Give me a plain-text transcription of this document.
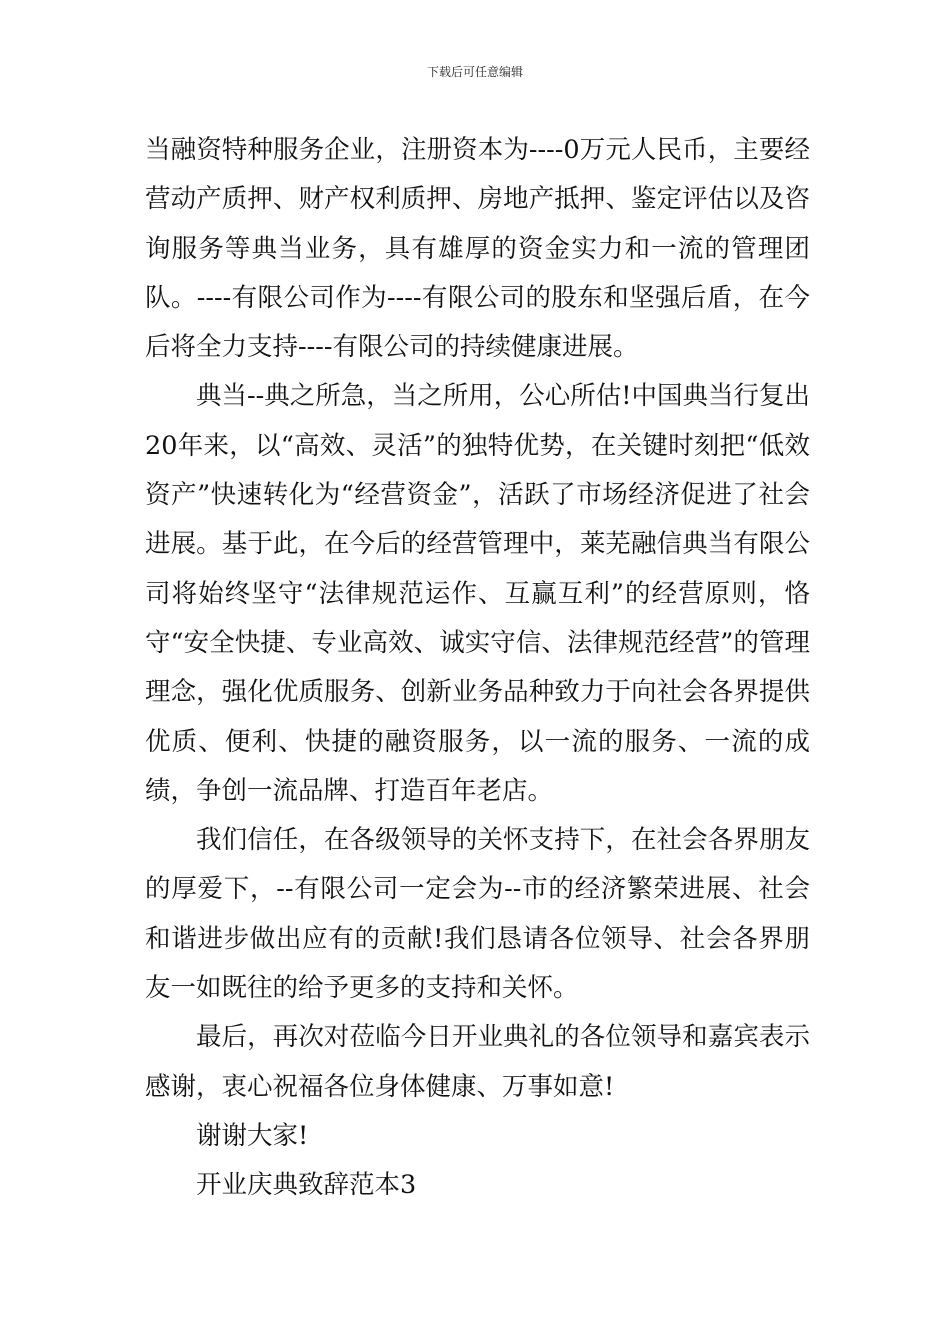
下载后可任意编辑

当融资特种服务企业，注册资本为----0万元人民币，主要经营动产质押、财产权利质押、房地产抵押、鉴定评估以及咨询服务等典当业务，具有雄厚的资金实力和一流的管理团队。----有限公司作为----有限公司的股东和坚强后盾，在今后将全力支持----有限公司的持续健康进展。

典当--典之所急，当之所用，公心所估!中国典当行复出20年来，以“高效、灵活”的独特优势，在关键时刻把“低效资产”快速转化为“经营资金”，活跃了市场经济促进了社会进展。基于此，在今后的经营管理中，莱芜融信典当有限公司将始终坚守“法律规范运作、互赢互利”的经营原则，恪守“安全快捷、专业高效、诚实守信、法律规范经营”的管理理念，强化优质服务、创新业务品种致力于向社会各界提供优质、便利、快捷的融资服务，以一流的服务、一流的成绩，争创一流品牌、打造百年老店。

我们信任，在各级领导的关怀支持下，在社会各界朋友的厚爱下，--有限公司一定会为--市的经济繁荣进展、社会和谐进步做出应有的贡献!我们恳请各位领导、社会各界朋友一如既往的给予更多的支持和关怀。

最后，再次对莅临今日开业典礼的各位领导和嘉宾表示感谢，衷心祝福各位身体健康、万事如意!

谢谢大家!

开业庆典致辞范本3
